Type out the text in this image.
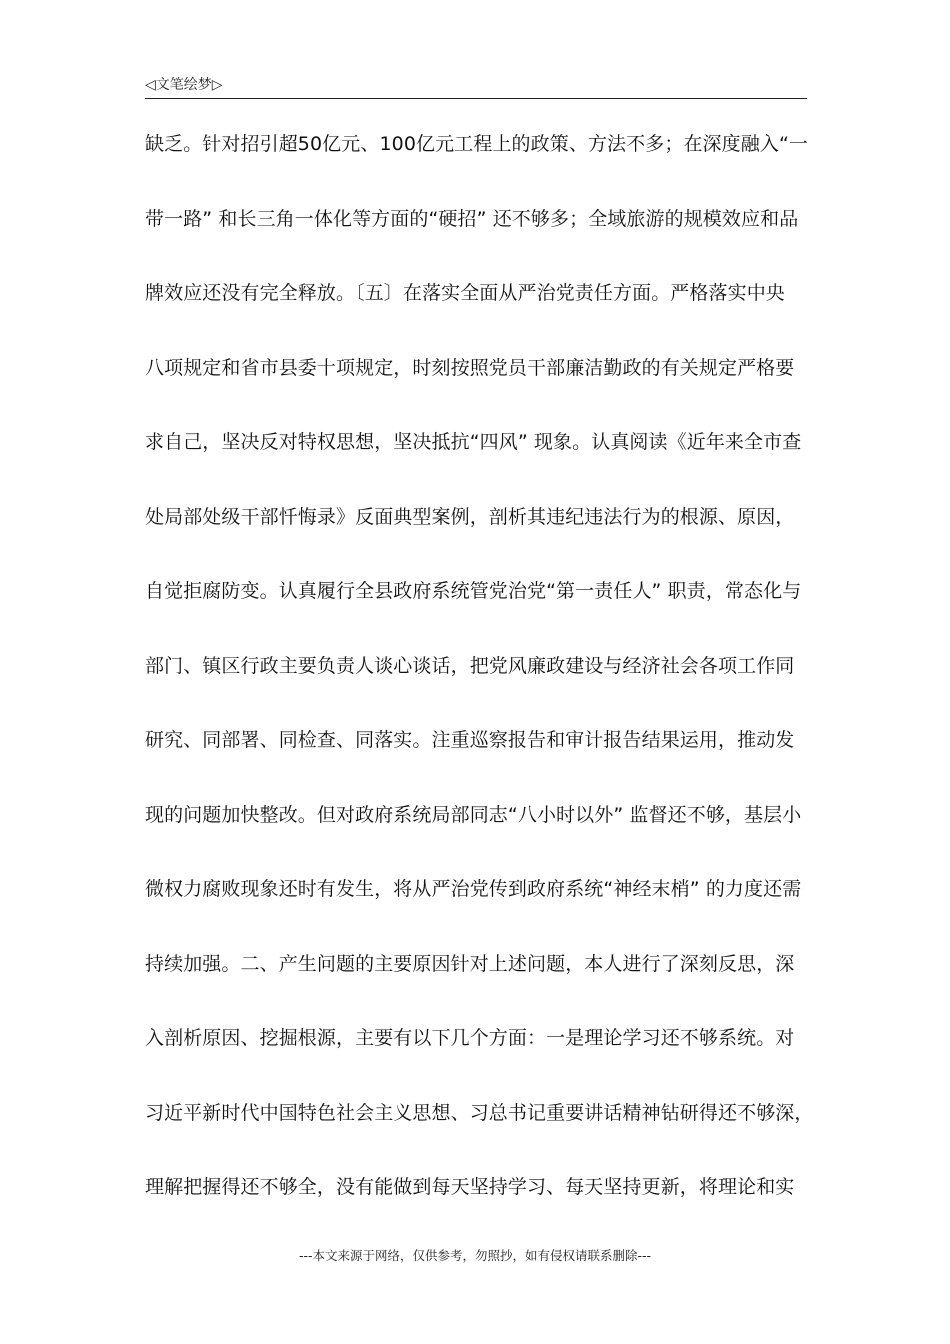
◁文笔绘梦▷
缺乏。针对招引超50亿元、100亿元工程上的政策、方法不多；在深度融入“一
带一路” 和长三角一体化等方面的“硬招” 还不够多；全域旅游的规模效应和品
牌效应还没有完全释放。〔五〕在落实全面从严治党责任方面。严格落实中央
八项规定和省市县委十项规定，时刻按照党员干部廉洁勤政的有关规定严格要
求自己，坚决反对特权思想，坚决抵抗“四风” 现象。认真阅读《近年来全市查
处局部处级干部忏悔录》反面典型案例，剖析其违纪违法行为的根源、原因，
自觉拒腐防变。认真履行全县政府系统管党治党“第一责任人” 职责，常态化与
部门、镇区行政主要负责人谈心谈话，把党风廉政建设与经济社会各项工作同
研究、同部署、同检查、同落实。注重巡察报告和审计报告结果运用，推动发
现的问题加快整改。但对政府系统局部同志“八小时以外” 监督还不够，基层小
微权力腐败现象还时有发生，将从严治党传到政府系统“神经末梢” 的力度还需
持续加强。二、产生问题的主要原因针对上述问题，本人进行了深刻反思，深
入剖析原因、挖掘根源，主要有以下几个方面：一是理论学习还不够系统。对
习近平新时代中国特色社会主义思想、习总书记重要讲话精神钻研得还不够深，
理解把握得还不够全，没有能做到每天坚持学习、每天坚持更新，将理论和实
---本文来源于网络，仅供参考，勿照抄，如有侵权请联系删除---
